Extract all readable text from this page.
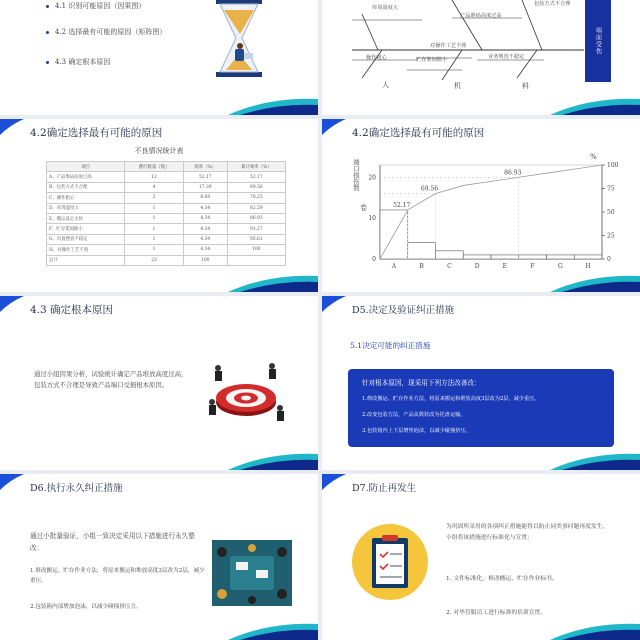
4.1 识别可能原因（因果图）
4.2 选择最有可能的原因（矩阵图）
4.3 确定根本原因
库周湿度大
产品堆码高度过高
包装方式不合理
操作粗心
对操作工艺不熟
贮存架间隙小	业务规范不稳定
人	机	料
端面受伤
4.2确定选择最有可能的原因
不良情况统计表
项目	叠叮数量（数）	频率（%）	累计频率（%）
A、产品堆码高度过高	12	52.17	52.17
B、包装方式不合理	4	17.39	69.56
C、操作粗心	2	8.69	78.25
D、库周湿度大	1	4.34	82.59
E、搬运设定太快	1	4.34	86.93
F、贮存架间隙小	1	4.34	91.27
G、归置摆放不稳定	1	4.34	95.61
H、对操作工艺不熟	1	4.34	100
总计	23	100	
4.2确定选择最有可能的原因
端口损伤数
卷
%
20
10
0
100
75
50
25
0
A	B	C	D	E	F	G	H
52.17
69.56
86.93
4.3 确定根本原因
通过小组因果分析，试验统计确定产品堆放高度过高，包装方式不合理是导致产品端口受损根本原因。
D5.决定及验证纠正措施
5.1决定可能的纠正措施
针对根本原因，现采用下列方法改善改：
1.修改搬运、贮存作业方法，将原来搬运和堆放高度3层改为2层，减少重压。
2.改变包装方法，产品从数装改为托盘运输。
3.包装箱内上下层增垫泡沫，以减少碰撞挤压。
D6.执行永久纠正措施
通过小批量验证，小组一致决定采用以下措施进行永久整改：
1.修改搬运、贮存作业方法，将原来搬运和堆放高度3层改为2层，减少重压。
2.包装箱内部增加泡沫，以减少碰撞挤压力。
D7.防止再发生
为巩固所采用的各项纠正措施能得以防止同类事问题再度发生，小组将该措施进行标准化与宣贯：
1. 文件标准化，修改搬运、贮存作业标书。
2. 对毕管服员工进行标准的培训宣贯。
